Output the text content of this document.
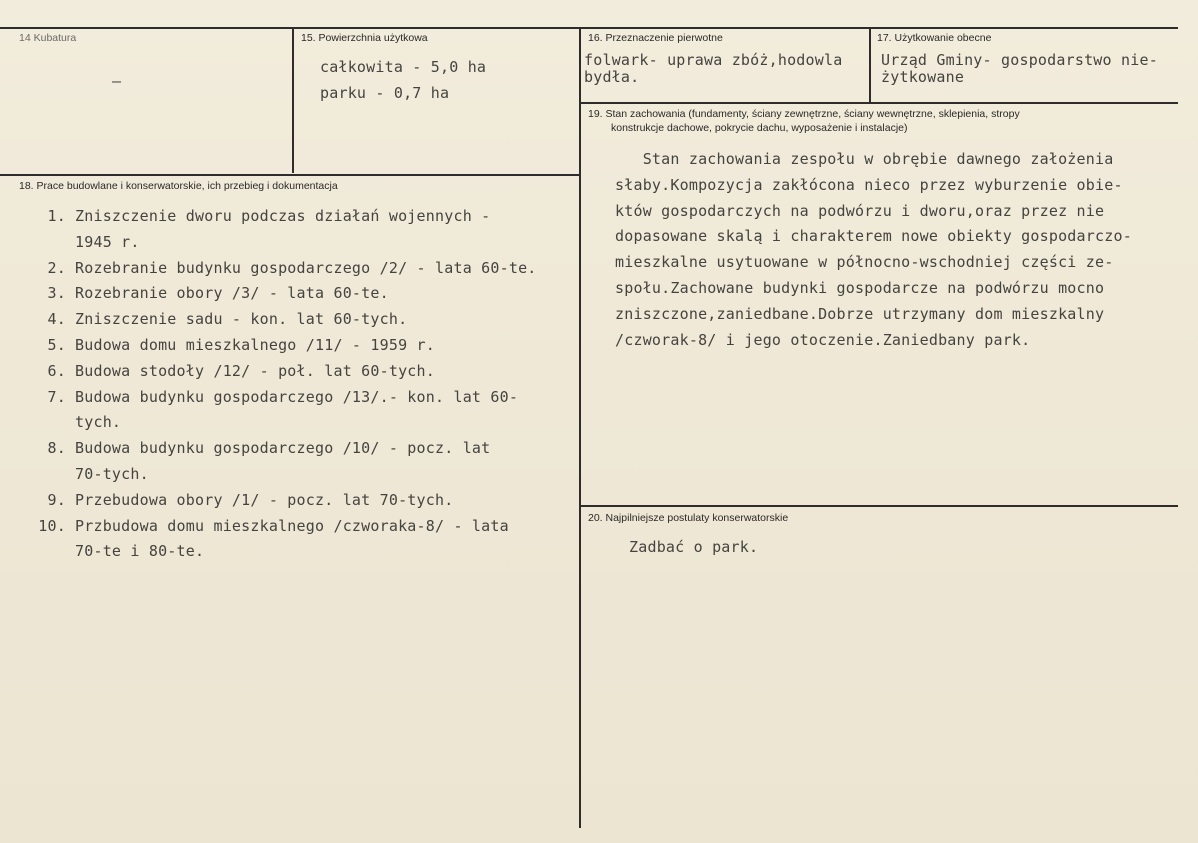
14 Kubatura
–
15. Powierzchnia użytkowa
całkowita - 5,0 ha
parku - 0,7 ha
16. Przeznaczenie pierwotne
folwark- uprawa zbóż,hodowla
bydła.
17. Użytkowanie obecne
Urząd Gminy- gospodarstwo nie-
żytkowane
18. Prace budowlane i konserwatorskie, ich przebieg i dokumentacja
1. Zniszczenie dworu podczas działań wojennych -
1945 r.
2. Rozebranie budynku gospodarczego /2/ - lata 60-te.
3. Rozebranie obory /3/ - lata 60-te.
4. Zniszczenie sadu - kon. lat 60-tych.
5. Budowa domu mieszkalnego /11/ - 1959 r.
6. Budowa stodoły /12/ - poł. lat 60-tych.
7. Budowa budynku gospodarczego /13/.- kon. lat 60-
tych.
8. Budowa budynku gospodarczego /10/ - pocz. lat
70-tych.
9. Przebudowa obory /1/ - pocz. lat 70-tych.
10. Przbudowa domu mieszkalnego /czworaka-8/ - lata
70-te i 80-te.
19. Stan zachowania (fundamenty, ściany zewnętrzne, ściany wewnętrzne, sklepienia, stropy
konstrukcje dachowe, pokrycie dachu, wyposażenie i instalacje)
Stan zachowania zespołu w obrębie dawnego założenia
słaby.Kompozycja zakłócona nieco przez wyburzenie obie-
któw gospodarczych na podwórzu i dworu,oraz przez nie
dopasowane skalą i charakterem nowe obiekty gospodarczo-
mieszkalne usytuowane w północno-wschodniej części ze-
społu.Zachowane budynki gospodarcze na podwórzu mocno
zniszczone,zaniedbane.Dobrze utrzymany dom mieszkalny
/czworak-8/ i jego otoczenie.Zaniedbany park.
20. Najpilniejsze postulaty konserwatorskie
Zadbać o park.
